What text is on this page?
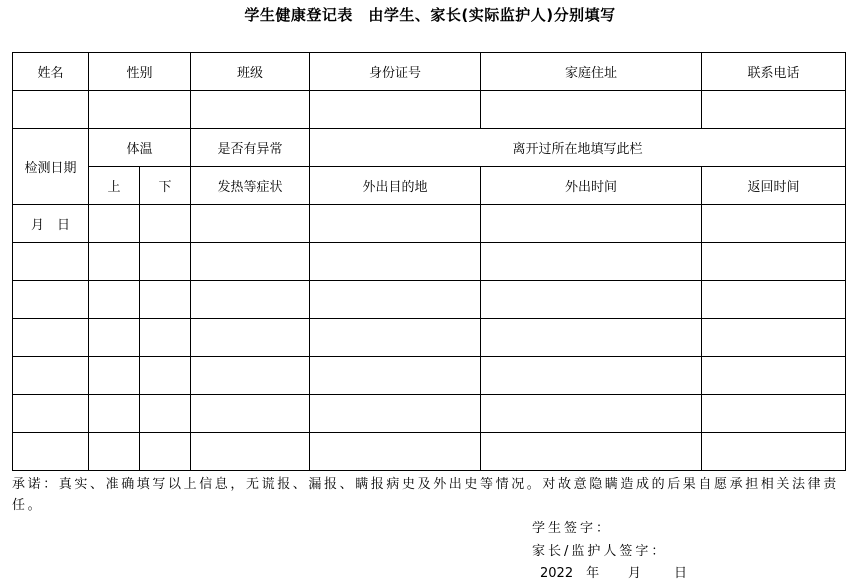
学生健康登记表　由学生、家长(实际监护人)分别填写
姓名	性别		班级	身份证号	家庭住址	联系电话

检测日期	体温		是否有异常	离开过所在地填写此栏		
	上	下	发热等症状	外出目的地	外出时间	返回时间
月　日						

承诺：真实、准确填写以上信息，无谎报、漏报、瞒报病史及外出史等情况。对故意隐瞒造成的后果自愿承担相关法律责任。
学生签字：
家长/监护人签字：
2022　年 月	日
